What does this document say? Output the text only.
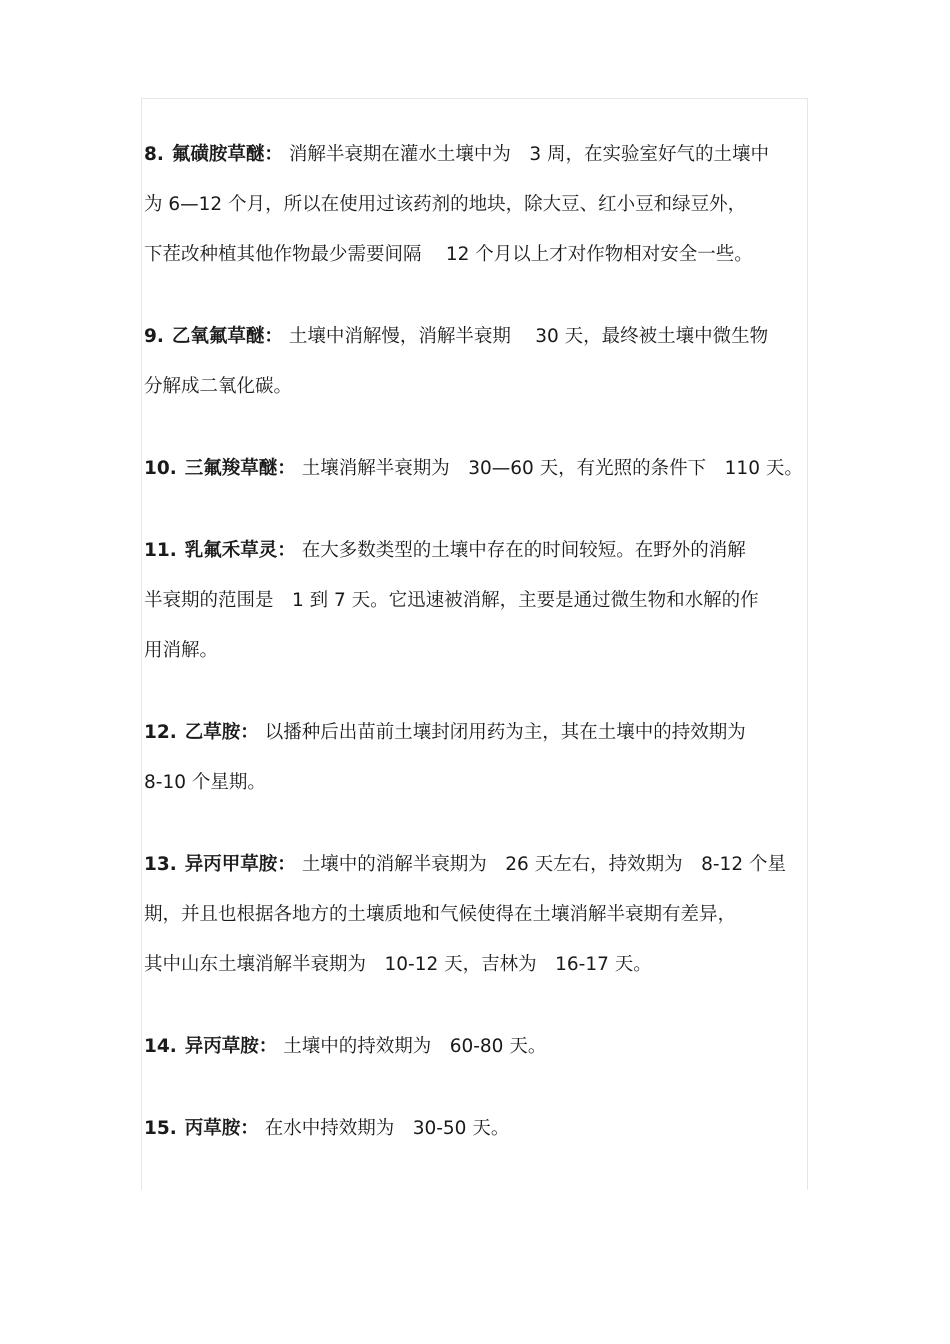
8. 氟磺胺草醚： 消解半衰期在灌水土壤中为　3 周，在实验室好气的土壤中
为 6—12 个月，所以在使用过该药剂的地块，除大豆、红小豆和绿豆外，
下茬改种植其他作物最少需要间隔　 12 个月以上才对作物相对安全一些。
9. 乙氧氟草醚： 土壤中消解慢，消解半衰期　 30 天，最终被土壤中微生物
分解成二氧化碳。
10. 三氟羧草醚： 土壤消解半衰期为　30—60 天，有光照的条件下　110 天。
11. 乳氟禾草灵： 在大多数类型的土壤中存在的时间较短。在野外的消解
半衰期的范围是　1 到 7 天。它迅速被消解，主要是通过微生物和水解的作
用消解。
12. 乙草胺： 以播种后出苗前土壤封闭用药为主，其在土壤中的持效期为
8-10 个星期。
13. 异丙甲草胺： 土壤中的消解半衰期为　26 天左右，持效期为　8-12 个星
期，并且也根据各地方的土壤质地和气候使得在土壤消解半衰期有差异，
其中山东土壤消解半衰期为　10-12 天，吉林为　16-17 天。
14. 异丙草胺： 土壤中的持效期为　60-80 天。
15. 丙草胺： 在水中持效期为　30-50 天。
